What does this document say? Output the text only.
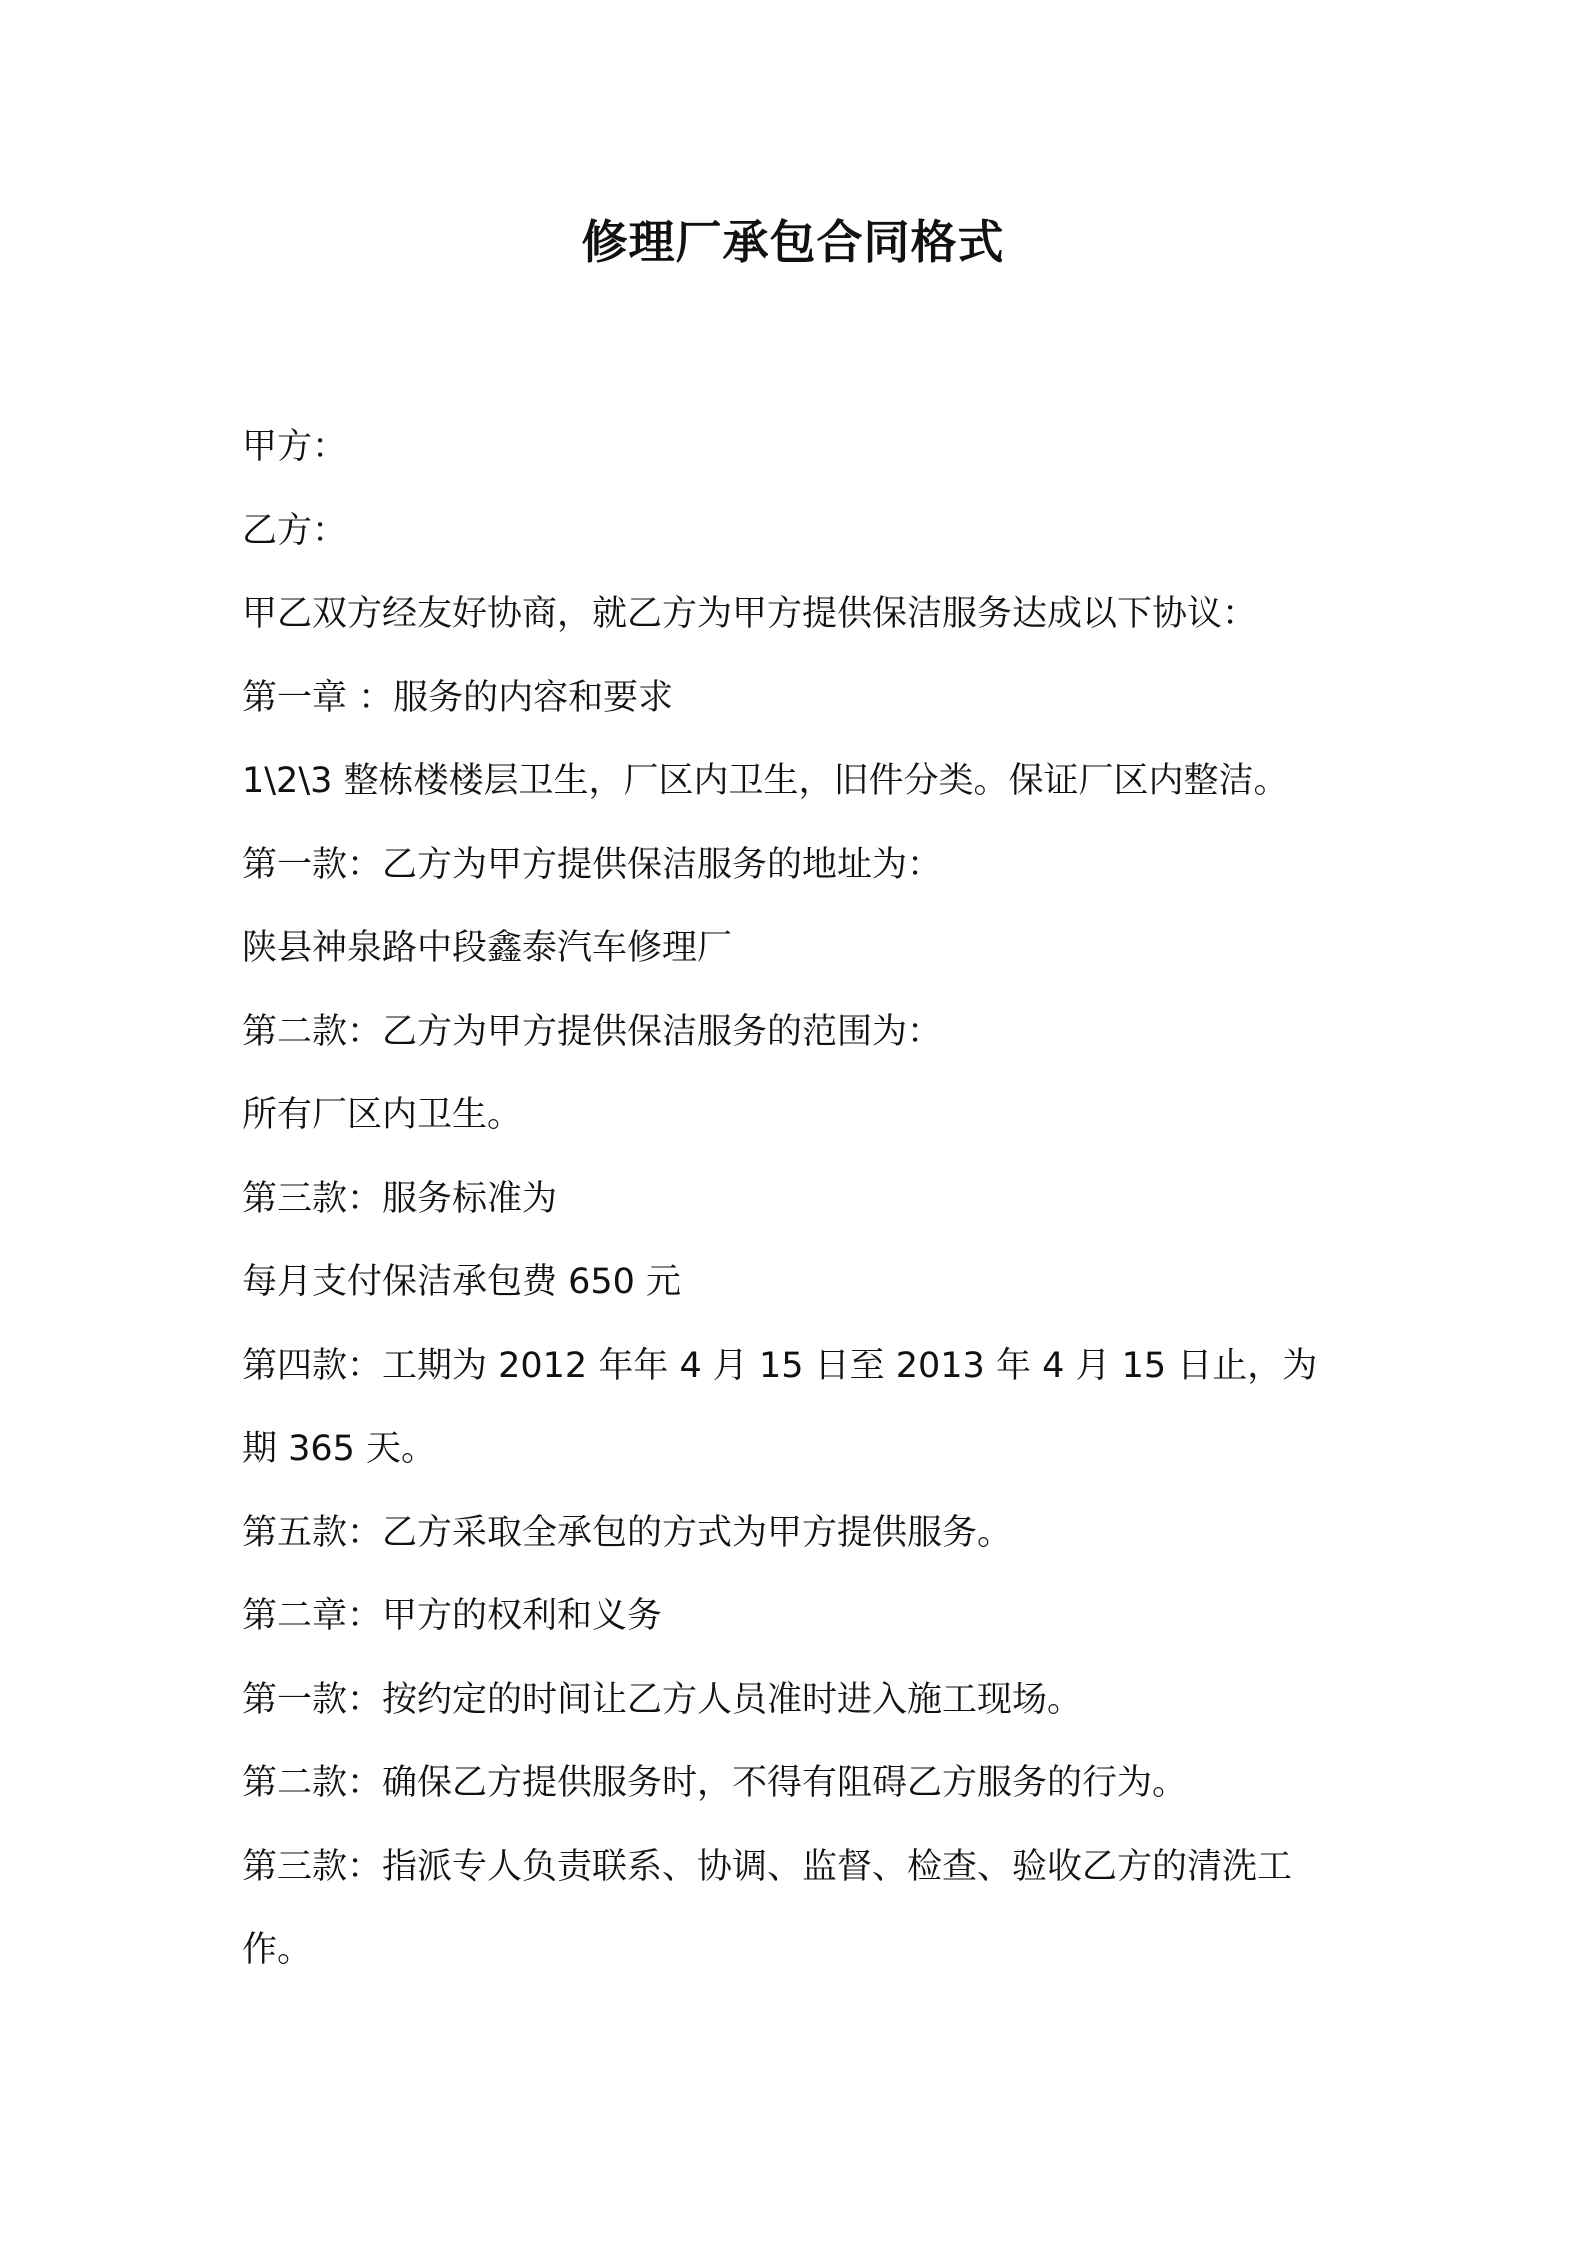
修理厂承包合同格式
甲方：
乙方：
甲乙双方经友好协商，就乙方为甲方提供保洁服务达成以下协议：
第一章 ：服务的内容和要求
1\2\3 整栋楼楼层卫生，厂区内卫生，旧件分类。保证厂区内整洁。
第一款：乙方为甲方提供保洁服务的地址为：
陕县神泉路中段鑫泰汽车修理厂
第二款：乙方为甲方提供保洁服务的范围为：
所有厂区内卫生。
第三款：服务标准为
每月支付保洁承包费 650 元
第四款：工期为 2012 年年 4 月 15 日至 2013 年 4 月 15 日止，为
期 365 天。
第五款：乙方采取全承包的方式为甲方提供服务。
第二章：甲方的权利和义务
第一款：按约定的时间让乙方人员准时进入施工现场。
第二款：确保乙方提供服务时，不得有阻碍乙方服务的行为。
第三款：指派专人负责联系、协调、监督、检查、验收乙方的清洗工
作。
